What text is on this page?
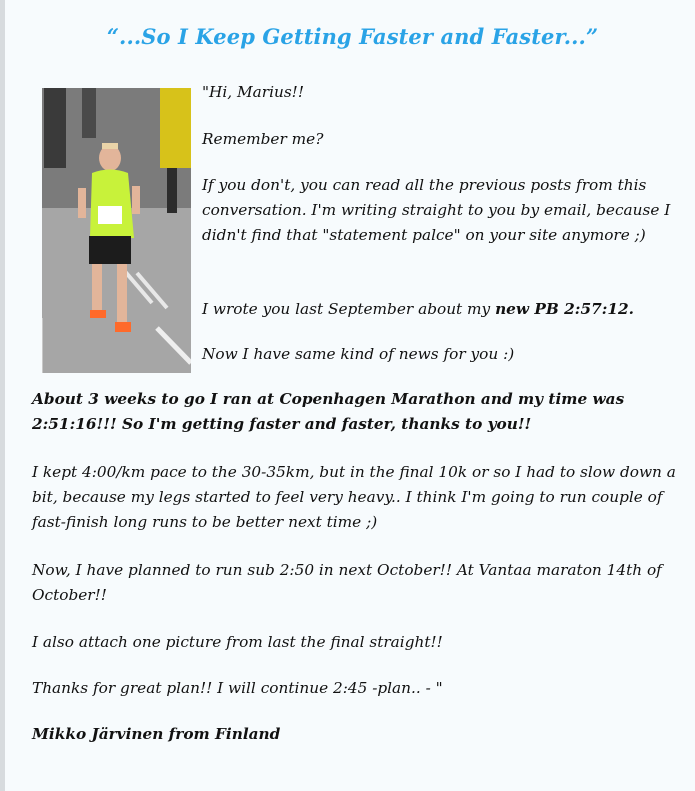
“...So I Keep Getting Faster and Faster...”

"Hi, Marius!!

Remember me?

If you don't, you can read all the previous posts from this conversation. I'm writing straight to you by email, because I didn't find that "statement palce" on your site anymore ;)

I wrote you last September about my new PB 2:57:12.

Now I have same kind of news for you :)

About 3 weeks to go I ran at Copenhagen Marathon and my time was 2:51:16!!! So I'm getting faster and faster, thanks to you!!

I kept 4:00/km pace to the 30-35km, but in the final 10k or so I had to slow down a bit, because my legs started to feel very heavy.. I think I'm going to run couple of fast-finish long runs to be better next time ;)

Now, I have planned to run sub 2:50 in next October!! At Vantaa maraton 14th of October!!

I also attach one picture from last the final straight!!

Thanks for great plan!! I will continue 2:45 -plan.. - "

Mikko Järvinen from Finland
